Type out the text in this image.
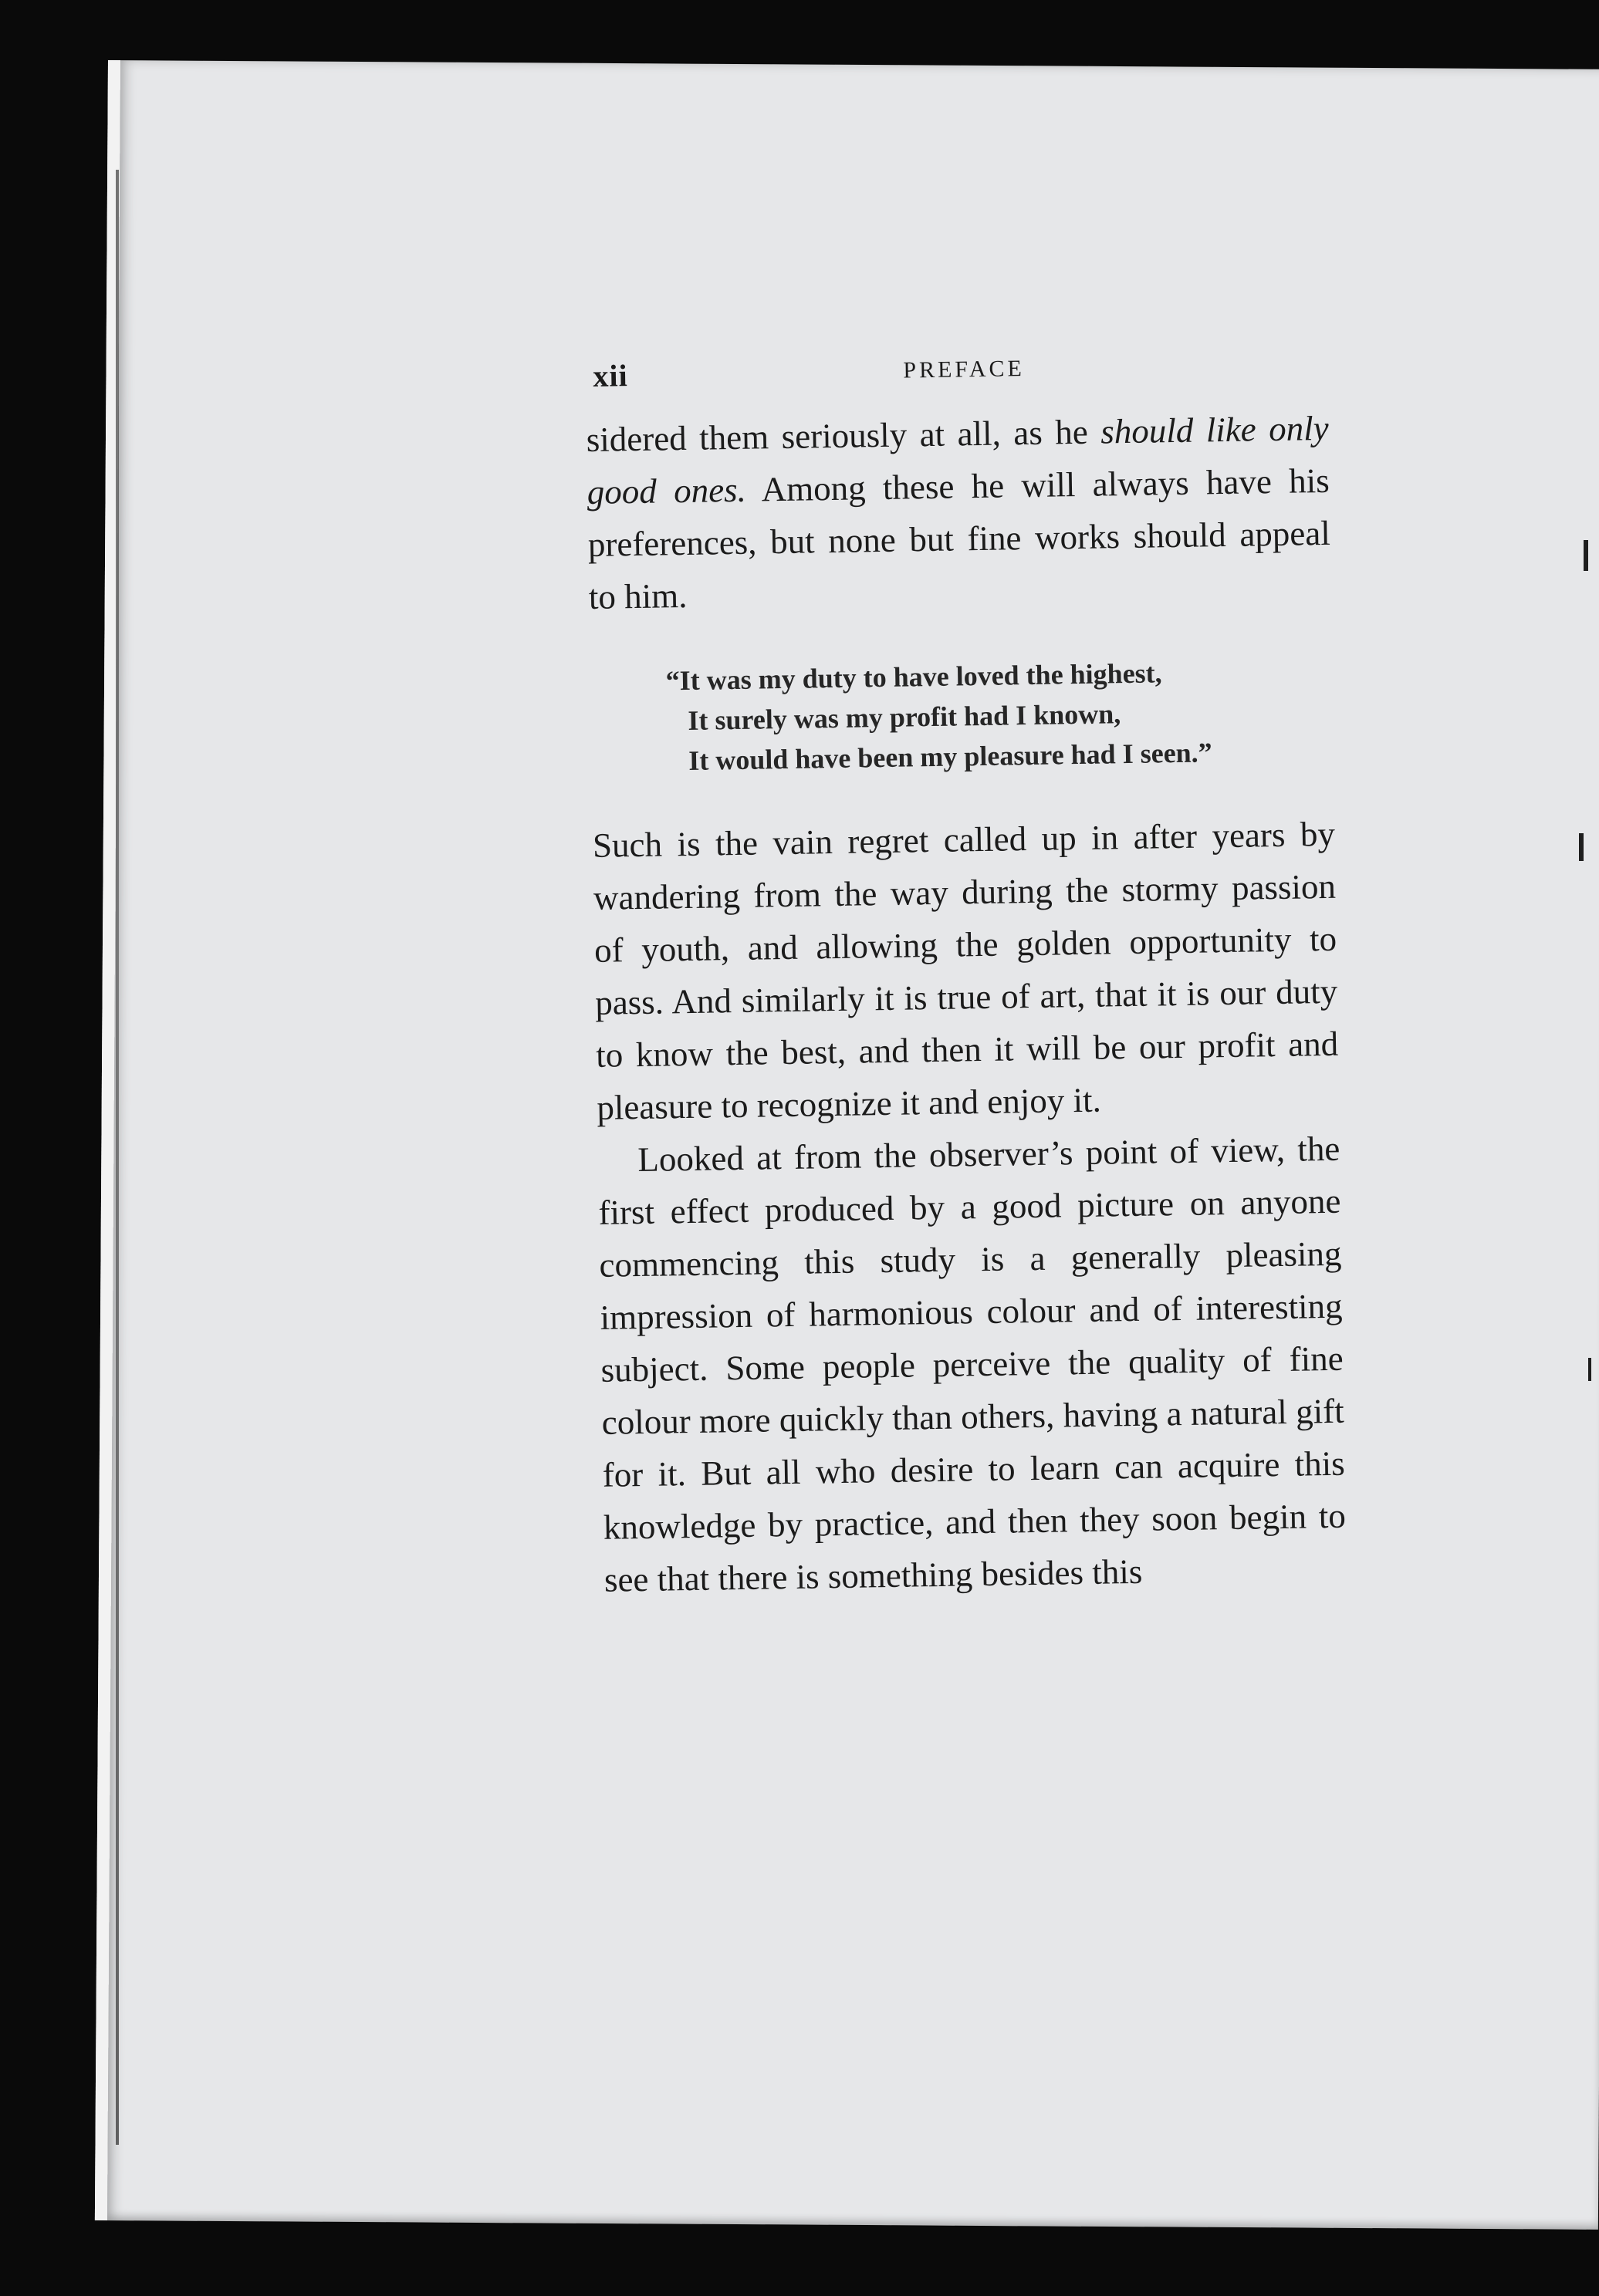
xii	PREFACE

sidered them seriously at all, as he should like only good ones. Among these he will always have his preferences, but none but fine works should appeal to him.

“It was my duty to have loved the highest,
It surely was my profit had I known,
It would have been my pleasure had I seen.”

Such is the vain regret called up in after years by wandering from the way during the stormy passion of youth, and allowing the golden opportunity to pass. And similarly it is true of art, that it is our duty to know the best, and then it will be our profit and pleasure to recognize it and enjoy it.

Looked at from the observer’s point of view, the first effect produced by a good picture on anyone commencing this study is a generally pleasing impression of harmonious colour and of interesting subject. Some people perceive the quality of fine colour more quickly than others, having a natural gift for it. But all who desire to learn can acquire this knowledge by practice, and then they soon begin to see that there is something besides this
